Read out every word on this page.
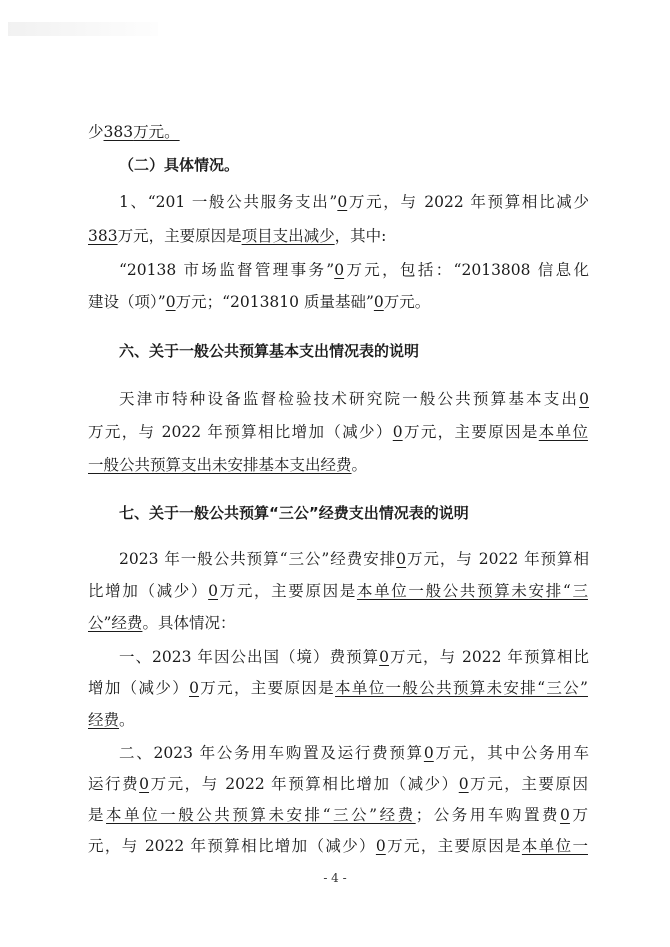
少383万元。
（二）具体情况。
1、“201 一般公共服务支出”0万元，与 2022 年预算相比减少
383万元，主要原因是项目支出减少，其中:
“20138 市场监督管理事务”0万元，包括：“2013808 信息化
建设（项）”0万元；“2013810 质量基础”0万元。
六、关于一般公共预算基本支出情况表的说明
天津市特种设备监督检验技术研究院一般公共预算基本支出0
万元，与 2022 年预算相比增加（减少）0万元，主要原因是本单位
一般公共预算支出未安排基本支出经费。
七、关于一般公共预算“三公”经费支出情况表的说明
2023 年一般公共预算“三公”经费安排0万元，与 2022 年预算相
比增加（减少）0万元，主要原因是本单位一般公共预算未安排“三
公”经费。具体情况：
一、2023 年因公出国（境）费预算0万元，与 2022 年预算相比
增加（减少）0万元，主要原因是本单位一般公共预算未安排“三公”
经费。
二、2023 年公务用车购置及运行费预算0万元，其中公务用车
运行费0万元，与 2022 年预算相比增加（减少）0万元，主要原因
是本单位一般公共预算未安排“三公”经费；公务用车购置费0万
元，与 2022 年预算相比增加（减少）0万元，主要原因是本单位一
- 4 -
